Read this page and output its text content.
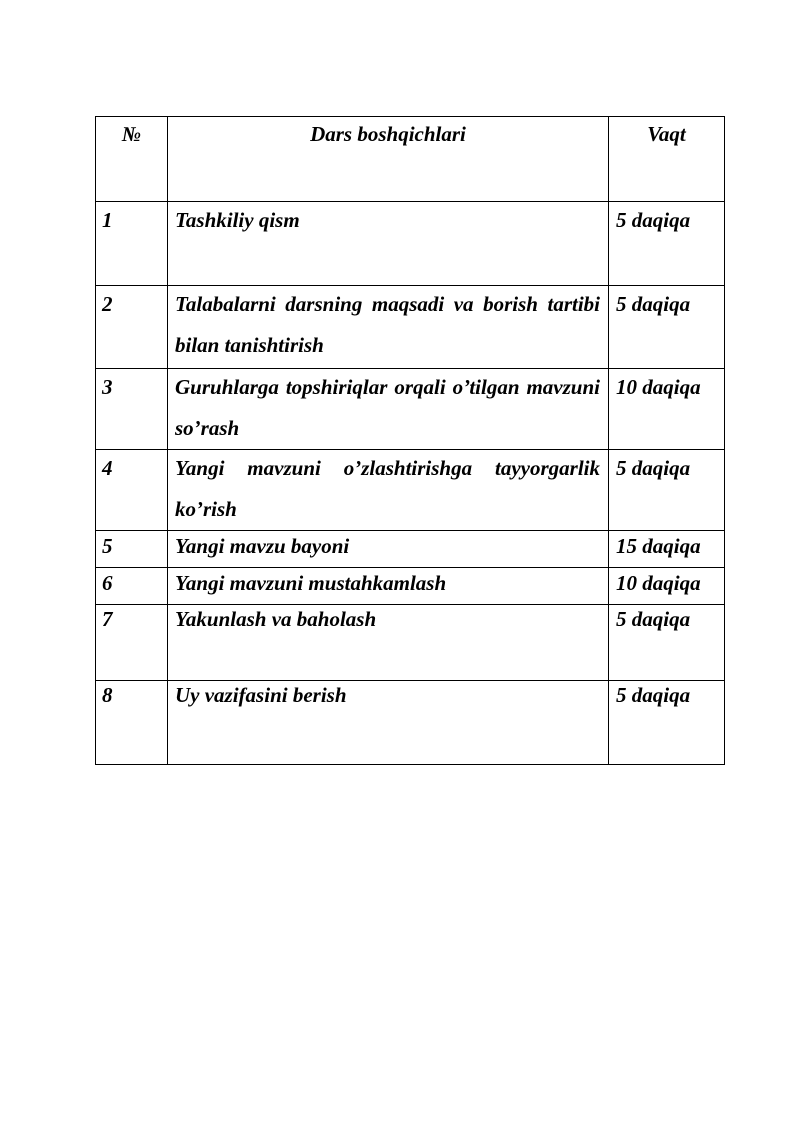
№	Dars boshqichlari	Vaqt

1	Tashkiliy qism	5 daqiqa

2	Talabalarni darsning maqsadi va borish tartibi bilan tanishtirish	5 daqiqa

3	Guruhlarga topshiriqlar orqali o’tilgan mavzuni so’rash	10 daqiqa

4	Yangi mavzuni o’zlashtirishga tayyorgarlik ko’rish	5 daqiqa

5	Yangi mavzu bayoni	15 daqiqa

6	Yangi mavzuni mustahkamlash	10 daqiqa

7	Yakunlash va baholash	5 daqiqa

8	Uy vazifasini berish	5 daqiqa
